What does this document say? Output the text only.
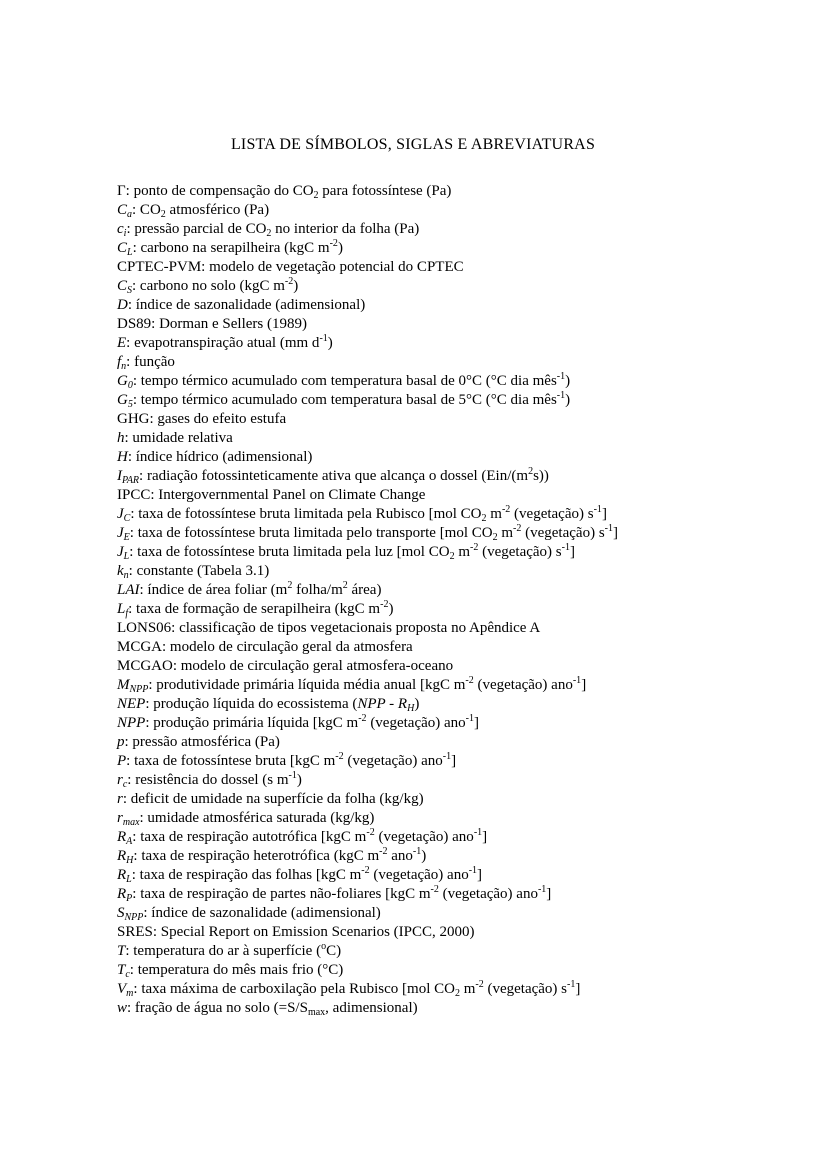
LISTA DE SÍMBOLOS, SIGLAS E ABREVIATURAS
Γ: ponto de compensação do $CO_2$ para fotossíntese (Pa)
$C_a$: $CO_2$ atmosférico (Pa)
$c_i$: pressão parcial de $CO_2$ no interior da folha (Pa)
$C_L$: carbono na serapilheira (kgC $m^{-2}$)
CPTEC-PVM: modelo de vegetação potencial do CPTEC
$C_S$: carbono no solo (kgC $m^{-2}$)
D: índice de sazonalidade (adimensional)
DS89: Dorman e Sellers (1989)
E: evapotranspiração atual (mm $d^{-1}$)
$f_n$: função
$G_0$: tempo térmico acumulado com temperatura basal de 0°C (°C dia mês$^{-1}$)
$G_5$: tempo térmico acumulado com temperatura basal de 5°C (°C dia mês$^{-1}$)
GHG: gases do efeito estufa
h: umidade relativa
H: índice hídrico (adimensional)
$I_{PAR}$: radiação fotossinteticamente ativa que alcança o dossel $(Ein/(m^2s))$
IPCC: Intergovernmental Panel on Climate Change
$J_C$: taxa de fotossíntese bruta limitada pela Rubisco [mol $CO_2$ $m^{-2}$ (vegetação) $s^{-1}$]
$J_E$: taxa de fotossíntese bruta limitada pelo transporte [mol $CO_2$ $m^{-2}$ (vegetação) $s^{-1}$]
$J_L$: taxa de fotossíntese bruta limitada pela luz [mol $CO_2$ $m^{-2}$ (vegetação) $s^{-1}$]
$k_n$: constante (Tabela 3.1)
LAI: índice de área foliar ($m^2$ folha/$m^2$ área)
$L_f$: taxa de formação de serapilheira (kgC $m^{-2}$)
LONS06: classificação de tipos vegetacionais proposta no Apêndice A
MCGA: modelo de circulação geral da atmosfera
MCGAO: modelo de circulação geral atmosfera-oceano
$M_{NPP}$: produtividade primária líquida média anual [kgC $m^{-2}$ (vegetação) ano$^{-1}$]
NEP: produção líquida do ecossistema $(NPP - R_H)$
NPP: produção primária líquida [kgC $m^{-2}$ (vegetação) ano$^{-1}$]
p: pressão atmosférica (Pa)
P: taxa de fotossíntese bruta [kgC $m^{-2}$ (vegetação) ano$^{-1}$]
$r_c$: resistência do dossel (s $m^{-1}$)
r: deficit de umidade na superfície da folha (kg/kg)
$r_{max}$: umidade atmosférica saturada (kg/kg)
$R_A$: taxa de respiração autotrófica [kgC $m^{-2}$ (vegetação) ano$^{-1}$]
$R_H$: taxa de respiração heterotrófica (kgC $m^{-2}$ ano$^{-1}$)
$R_L$: taxa de respiração das folhas [kgC $m^{-2}$ (vegetação) ano$^{-1}$]
$R_P$: taxa de respiração de partes não-foliares [kgC $m^{-2}$ (vegetação) ano$^{-1}$]
$S_{NPP}$: índice de sazonalidade (adimensional)
SRES: Special Report on Emission Scenarios (IPCC, 2000)
T: temperatura do ar à superfície ($^o$C)
$T_c$: temperatura do mês mais frio (°C)
$V_m$: taxa máxima de carboxilação pela Rubisco [mol $CO_2$ $m^{-2}$ (vegetação) $s^{-1}$]
w: fração de água no solo ($=S/S_{max}$, adimensional)
